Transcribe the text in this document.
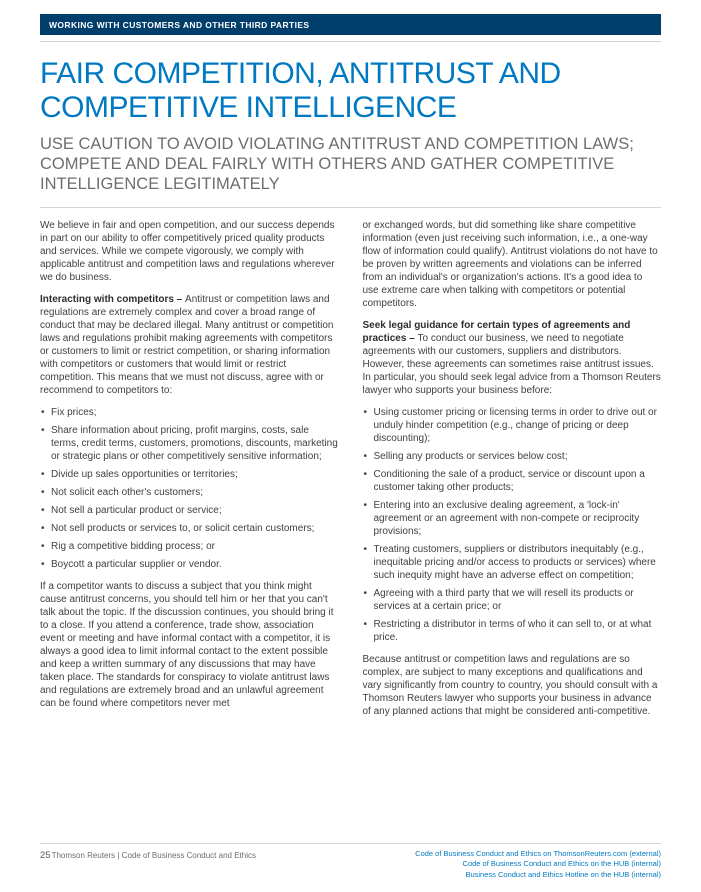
WORKING WITH CUSTOMERS AND OTHER THIRD PARTIES
FAIR COMPETITION, ANTITRUST AND COMPETITIVE INTELLIGENCE
USE CAUTION TO AVOID VIOLATING ANTITRUST AND COMPETITION LAWS; COMPETE AND DEAL FAIRLY WITH OTHERS AND GATHER COMPETITIVE INTELLIGENCE LEGITIMATELY

We believe in fair and open competition, and our success depends in part on our ability to offer competitively priced quality products and services. While we compete vigorously, we comply with applicable antitrust and competition laws and regulations wherever we do business.

Interacting with competitors – Antitrust or competition laws and regulations are extremely complex and cover a broad range of conduct that may be declared illegal. Many antitrust or competition laws and regulations prohibit making agreements with competitors or customers to limit or restrict competition, or sharing information with competitors or customers that would limit or restrict competition. This means that we must not discuss, agree with or recommend to competitors to:

• Fix prices;
• Share information about pricing, profit margins, costs, sale terms, credit terms, customers, promotions, discounts, marketing or strategic plans or other competitively sensitive information;
• Divide up sales opportunities or territories;
• Not solicit each other's customers;
• Not sell a particular product or service;
• Not sell products or services to, or solicit certain customers;
• Rig a competitive bidding process; or
• Boycott a particular supplier or vendor.

If a competitor wants to discuss a subject that you think might cause antitrust concerns, you should tell him or her that you can't talk about the topic. If the discussion continues, you should bring it to a close. If you attend a conference, trade show, association event or meeting and have informal contact with a competitor, it is always a good idea to limit informal contact to the extent possible and keep a written summary of any discussions that may have taken place. The standards for conspiracy to violate antitrust laws and regulations are extremely broad and an unlawful agreement can be found where competitors never met

or exchanged words, but did something like share competitive information (even just receiving such information, i.e., a one-way flow of information could qualify). Antitrust violations do not have to be proven by written agreements and violations can be inferred from an individual's or organization's actions. It's a good idea to use extreme care when talking with competitors or potential competitors.

Seek legal guidance for certain types of agreements and practices – To conduct our business, we need to negotiate agreements with our customers, suppliers and distributors. However, these agreements can sometimes raise antitrust issues. In particular, you should seek legal advice from a Thomson Reuters lawyer who supports your business before:

• Using customer pricing or licensing terms in order to drive out or unduly hinder competition (e.g., change of pricing or deep discounting);
• Selling any products or services below cost;
• Conditioning the sale of a product, service or discount upon a customer taking other products;
• Entering into an exclusive dealing agreement, a 'lock-in' agreement or an agreement with non-compete or reciprocity provisions;
• Treating customers, suppliers or distributors inequitably (e.g., inequitable pricing and/or access to products or services) where such inequity might have an adverse effect on competition;
• Agreeing with a third party that we will resell its products or services at a certain price; or
• Restricting a distributor in terms of who it can sell to, or at what price.

Because antitrust or competition laws and regulations are so complex, are subject to many exceptions and qualifications and vary significantly from country to country, you should consult with a Thomson Reuters lawyer who supports your business in advance of any planned actions that might be considered anti-competitive.

25Thomson Reuters | Code of Business Conduct and Ethics	Code of Business Conduct and Ethics on ThomsonReuters.com (external)
Code of Business Conduct and Ethics on the HUB (internal)
Business Conduct and Ethics Hotline on the HUB (internal)
